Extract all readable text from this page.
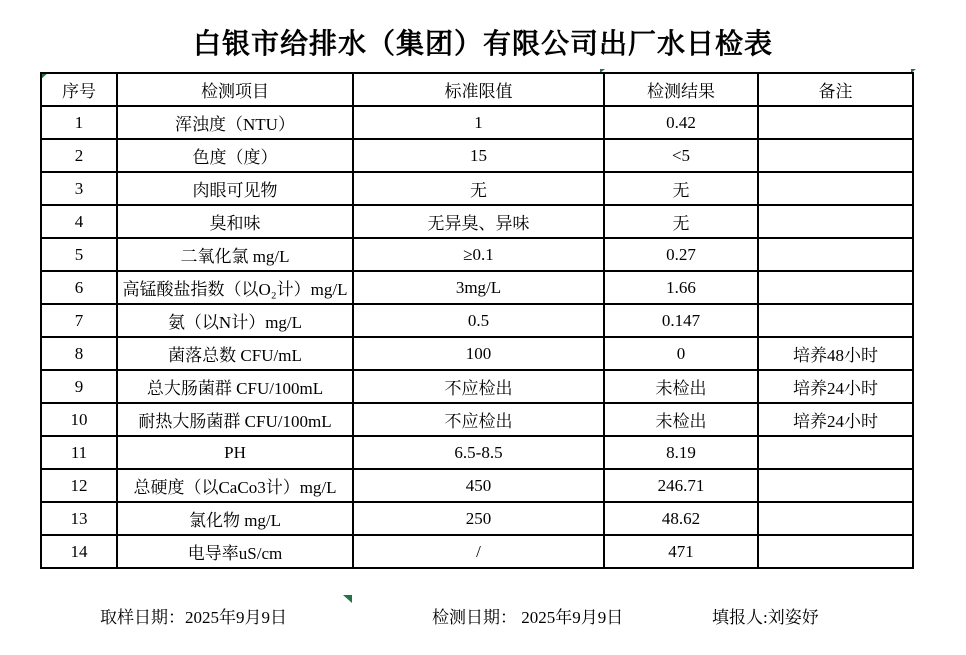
白银市给排水（集团）有限公司出厂水日检表
序号	检测项目	标准限值	检测结果	备注
1	浑浊度（NTU）	1	0.42	
2	色度（度）	15	<5	
3	肉眼可见物	无	无	
4	臭和味	无异臭、异味	无	
5	二氧化氯 mg/L	≥0.1	0.27	
6	高锰酸盐指数（以O₂计）mg/L	3mg/L	1.66	
7	氨（以N计）mg/L	0.5	0.147	
8	菌落总数 CFU/mL	100	0	培养48小时
9	总大肠菌群 CFU/100mL	不应检出	未检出	培养24小时
10	耐热大肠菌群 CFU/100mL	不应检出	未检出	培养24小时
11	PH	6.5-8.5	8.19	
12	总硬度（以CaCo3计）mg/L	450	246.71	
13	氯化物 mg/L	250	48.62	
14	电导率uS/cm	/	471	
取样日期：2025年9月9日	检测日期： 2025年9月9日	填报人:刘姿妤
